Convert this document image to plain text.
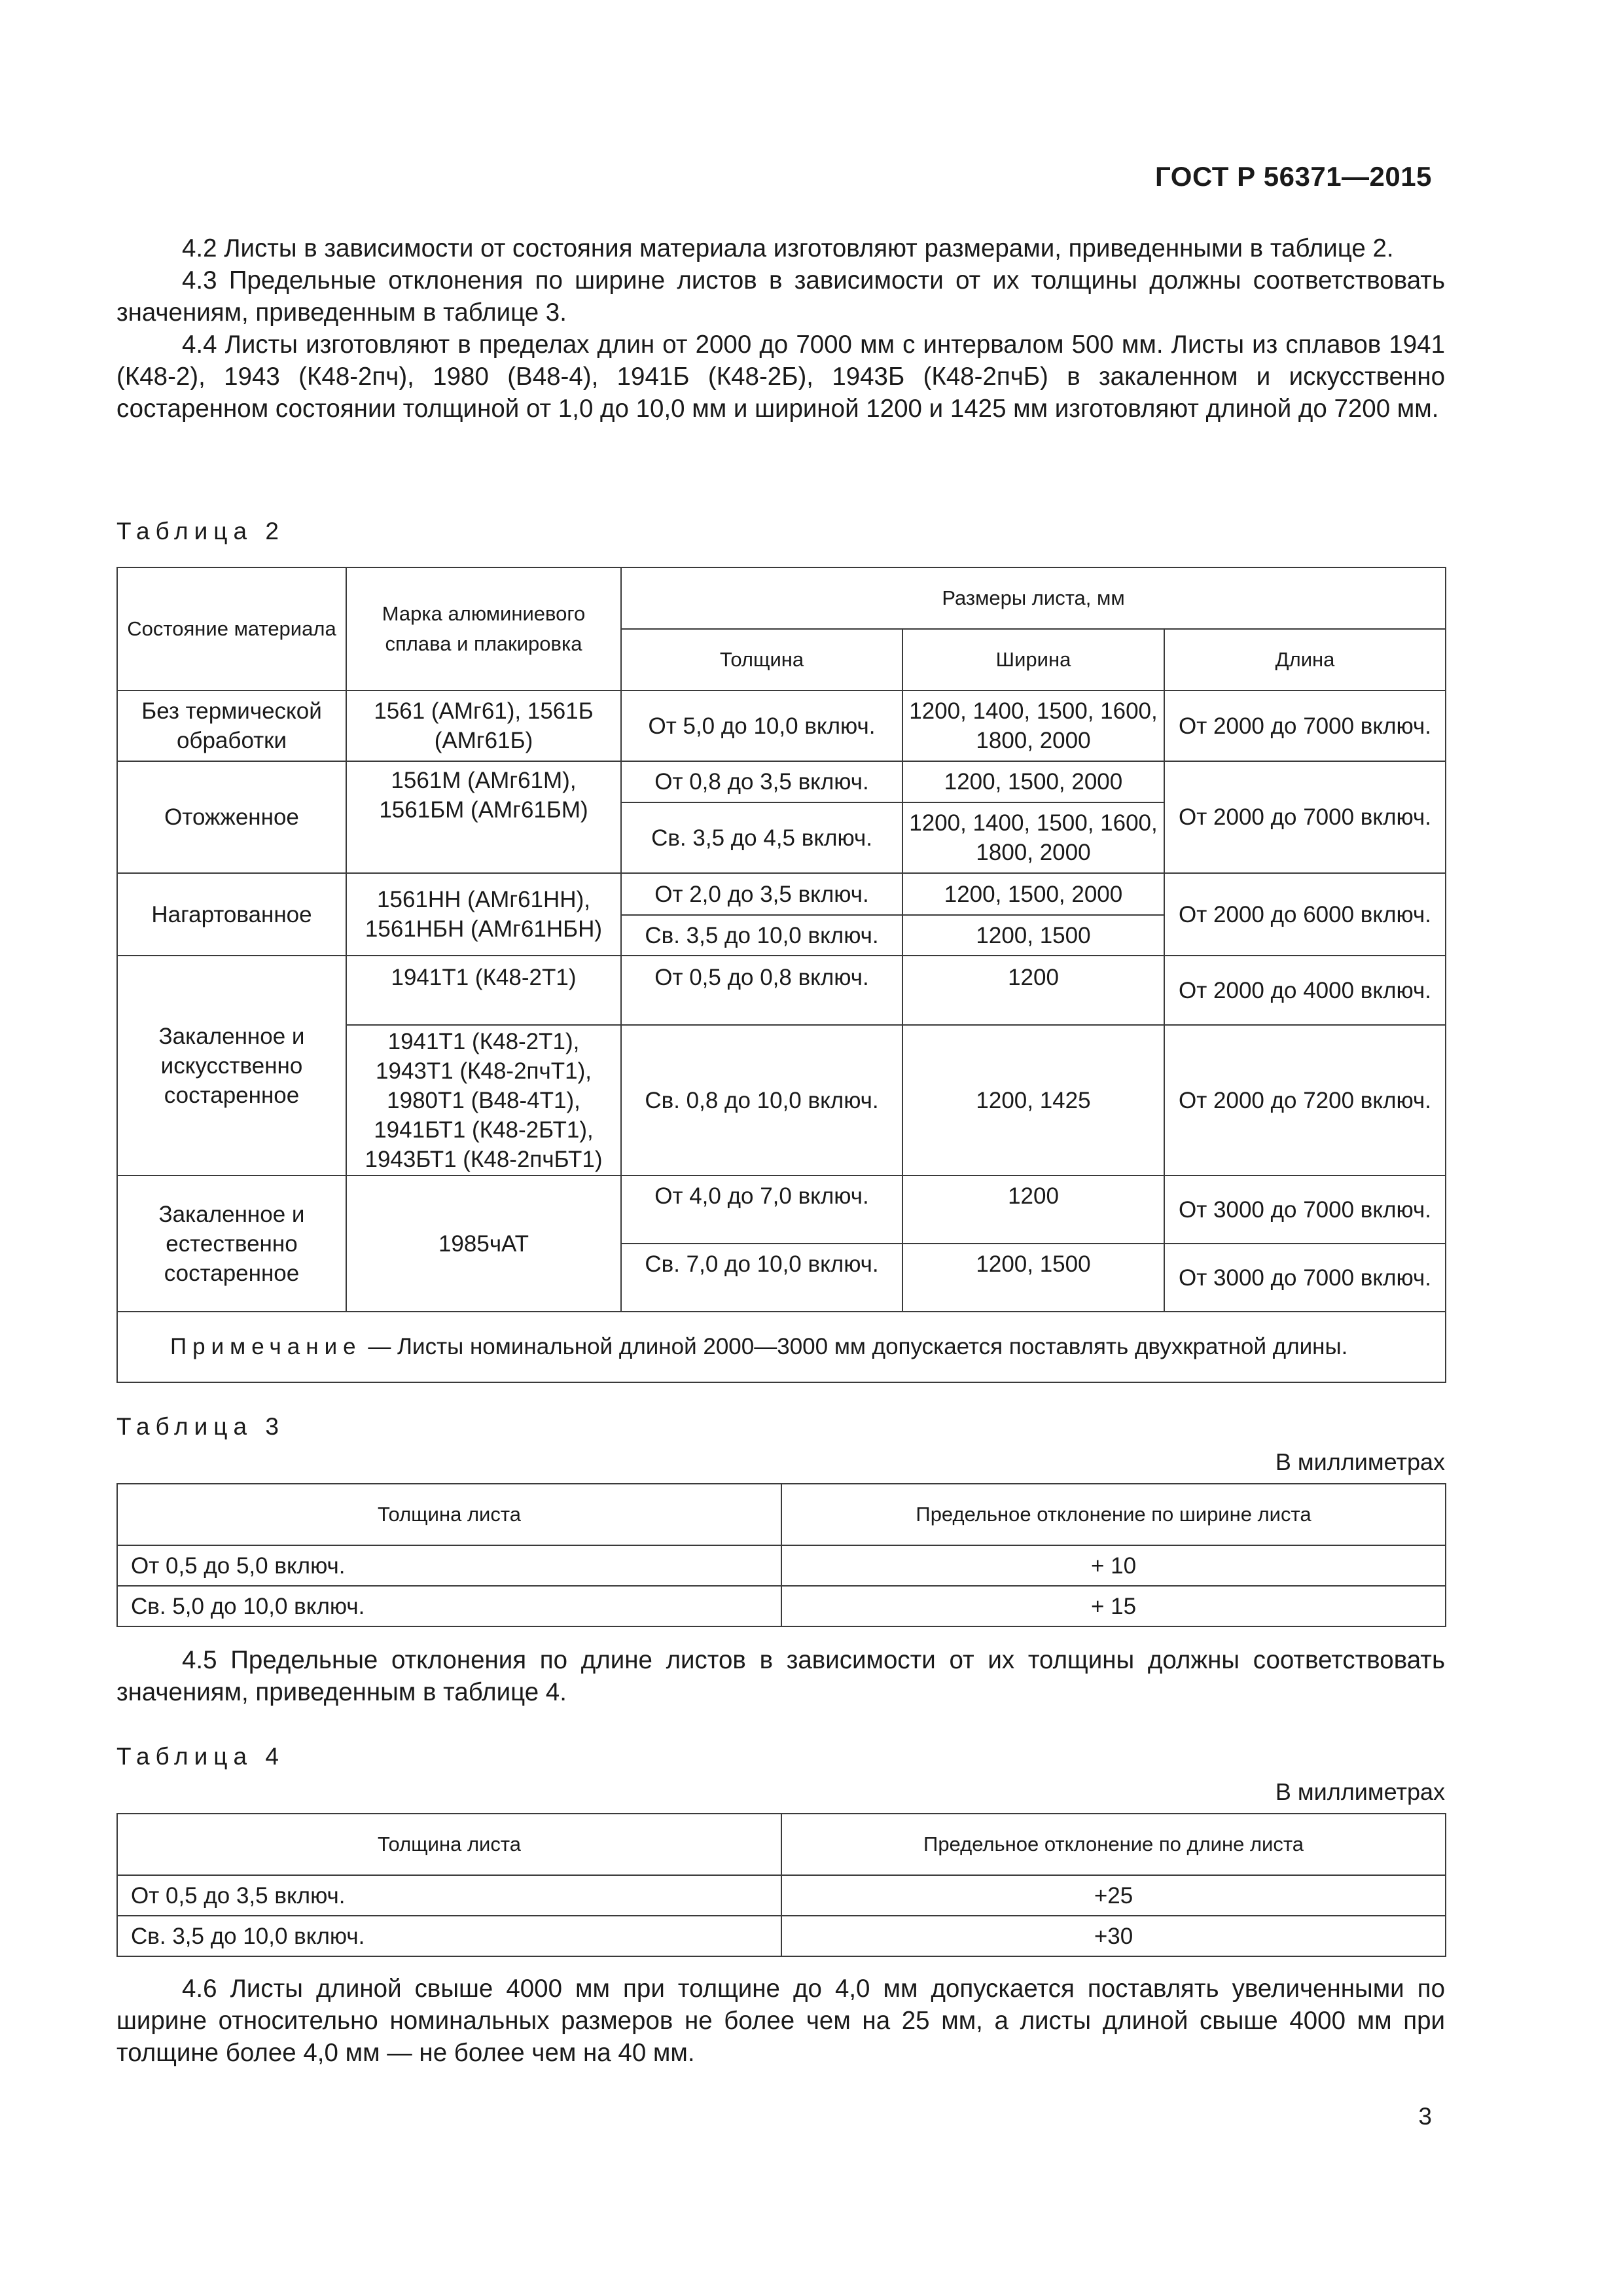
ГОСТ Р 56371—2015

4.2 Листы в зависимости от состояния материала изготовляют размерами, приведенными в таблице 2.

4.3 Предельные отклонения по ширине листов в зависимости от их толщины должны соответствовать значениям, приведенным в таблице 3.

4.4 Листы изготовляют в пределах длин от 2000 до 7000 мм с интервалом 500 мм. Листы из сплавов 1941 (К48-2), 1943 (К48-2пч), 1980 (В48-4), 1941Б (К48-2Б), 1943Б (К48-2пчБ) в закаленном и искусственно состаренном состоянии толщиной от 1,0 до 10,0 мм и шириной 1200 и 1425 мм изготовляют длиной до 7200 мм.

Таблица 2
Состояние материала	Марка алюминиевого сплава и плакировка	Размеры листа, мм		
		Толщина	Ширина	Длина
Без термической обработки	1561 (АМг61), 1561Б (АМг61Б)	От 5,0 до 10,0 включ.	1200, 1400, 1500, 1600, 1800, 2000	От 2000 до 7000 включ.
Отожженное	1561М (АМг61М), 1561БМ (АМг61БМ)	От 0,8 до 3,5 включ.	1200, 1500, 2000	От 2000 до 7000 включ.
		Св. 3,5 до 4,5 включ.	1200, 1400, 1500, 1600, 1800, 2000	
Нагартованное	1561НН (АМг61НН), 1561НБН (АМг61НБН)	От 2,0 до 3,5 включ.	1200, 1500, 2000	От 2000 до 6000 включ.
		Св. 3,5 до 10,0 включ.	1200, 1500	
Закаленное и искусственно состаренное	1941Т1 (К48-2Т1)	От 0,5 до 0,8 включ.	1200	От 2000 до 4000 включ.
	1941Т1 (К48-2Т1), 1943Т1 (К48-2пчТ1), 1980Т1 (В48-4Т1), 1941БТ1 (К48-2БТ1), 1943БТ1 (К48-2пчБТ1)	Св. 0,8 до 10,0 включ.	1200, 1425	От 2000 до 7200 включ.
Закаленное и естественно состаренное	1985чАТ	От 4,0 до 7,0 включ.	1200	От 3000 до 7000 включ.
		Св. 7,0 до 10,0 включ.	1200, 1500	От 3000 до 7000 включ.
Примечание — Листы номинальной длиной 2000—3000 мм допускается поставлять двухкратной длины.				
Таблица 3
В миллиметрах
Толщина листа	Предельное отклонение по ширине листа
От 0,5 до 5,0 включ.	+ 10
Св. 5,0 до 10,0 включ.	+ 15

4.5 Предельные отклонения по длине листов в зависимости от их толщины должны соответствовать значениям, приведенным в таблице 4.

Таблица 4
В миллиметрах
Толщина листа	Предельное отклонение по длине листа
От 0,5 до 3,5 включ.	+25
Св. 3,5 до 10,0 включ.	+30

4.6 Листы длиной свыше 4000 мм при толщине до 4,0 мм допускается поставлять увеличенными по ширине относительно номинальных размеров не более чем на 25 мм, а листы длиной свыше 4000 мм при толщине более 4,0 мм — не более чем на 40 мм.

3
